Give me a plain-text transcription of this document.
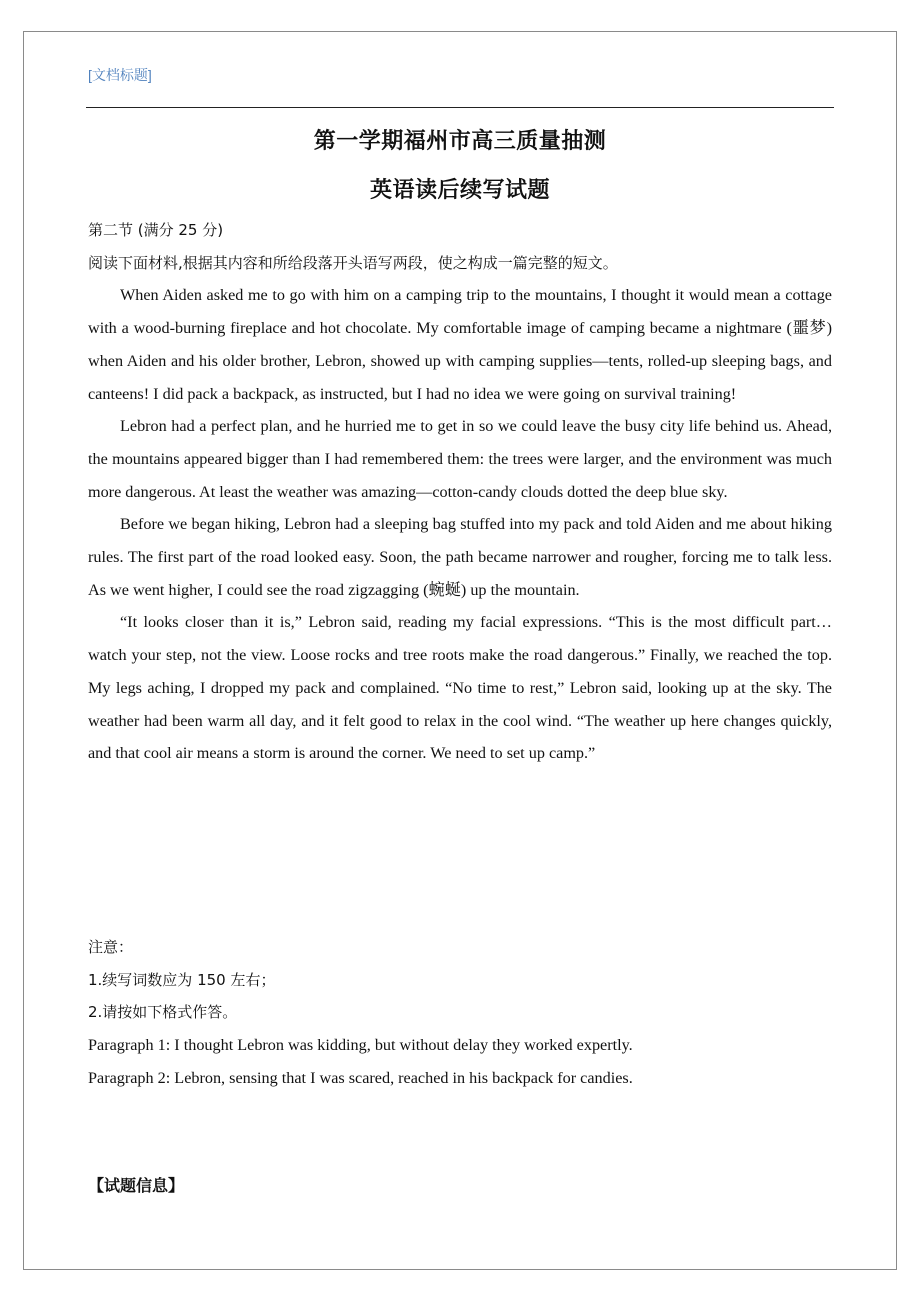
[文档标题]
第一学期福州市高三质量抽测
英语读后续写试题

第二节 (满分 25 分)

阅读下面材料,根据其内容和所给段落开头语写两段，使之构成一篇完整的短文。

When Aiden asked me to go with him on a camping trip to the mountains, I thought it would mean a cottage with a wood-burning fireplace and hot chocolate. My comfortable image of camping became a nightmare (噩梦) when Aiden and his older brother, Lebron, showed up with camping supplies—tents, rolled-up sleeping bags, and canteens! I did pack a backpack, as instructed, but I had no idea we were going on survival training!

Lebron had a perfect plan, and he hurried me to get in so we could leave the busy city life behind us. Ahead, the mountains appeared bigger than I had remembered them: the trees were larger, and the environment was much more dangerous. At least the weather was amazing—cotton-candy clouds dotted the deep blue sky.

Before we began hiking, Lebron had a sleeping bag stuffed into my pack and told Aiden and me about hiking rules. The first part of the road looked easy. Soon, the path became narrower and rougher, forcing me to talk less. As we went higher, I could see the road zigzagging (蜿蜒) up the mountain.

“It looks closer than it is,” Lebron said, reading my facial expressions. “This is the most difficult part… watch your step, not the view. Loose rocks and tree roots make the road dangerous.” Finally, we reached the top. My legs aching, I dropped my pack and complained. “No time to rest,” Lebron said, looking up at the sky. The weather had been warm all day, and it felt good to relax in the cool wind. “The weather up here changes quickly, and that cool air means a storm is around the corner. We need to set up camp.”

注意：

1.续写词数应为 150 左右；

2.请按如下格式作答。

Paragraph 1: I thought Lebron was kidding, but without delay they worked expertly.

Paragraph 2: Lebron, sensing that I was scared, reached in his backpack for candies.

【试题信息】
